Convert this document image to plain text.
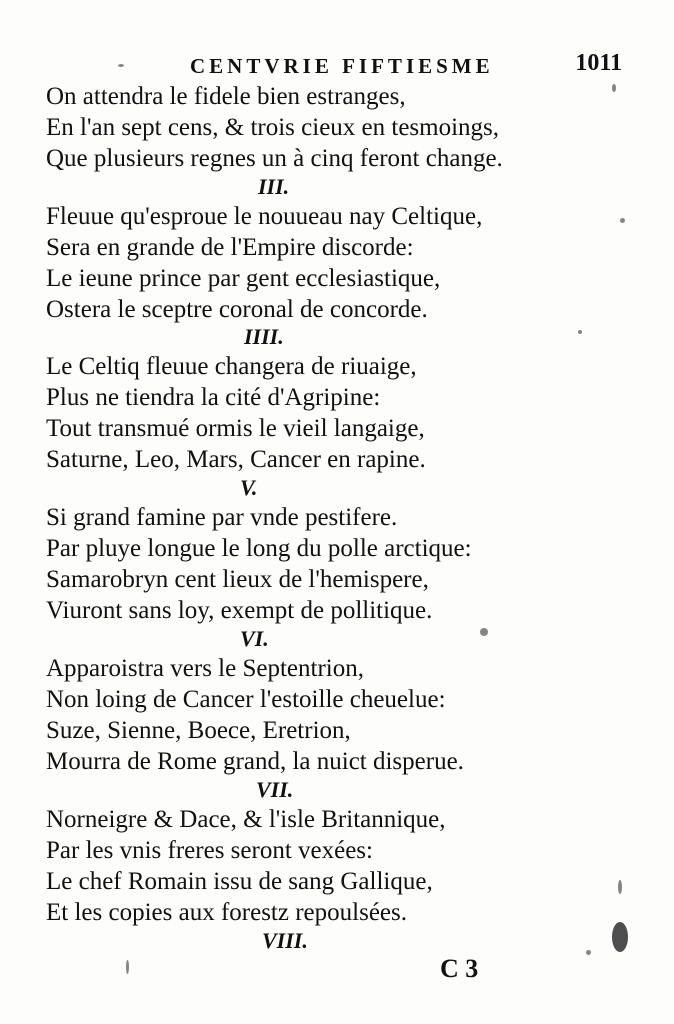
CENTVRIE FIFTIESME	1011
On attendra le fidele bien estranges,
En l'an sept cens, & trois cieux en tesmoings,
Que plusieurs regnes un à cinq feront change.
III.
Fleuue qu'esproue le nouueau nay Celtique,
Sera en grande de l'Empire discorde:
Le ieune prince par gent ecclesiastique,
Ostera le sceptre coronal de concorde.
IIII.
Le Celtiq fleuue changera de riuaige,
Plus ne tiendra la cité d'Agripine:
Tout transmué ormis le vieil langaige,
Saturne, Leo, Mars, Cancer en rapine.
V.
Si grand famine par vnde pestifere.
Par pluye longue le long du polle arctique:
Samarobryn cent lieux de l'hemispere,
Viuront sans loy, exempt de pollitique.
VI.
Apparoistra vers le Septentrion,
Non loing de Cancer l'estoille cheuelue:
Suze, Sienne, Boece, Eretrion,
Mourra de Rome grand, la nuict disperue.
VII.
Norneigre & Dace, & l'isle Britannique,
Par les vnis freres seront vexées:
Le chef Romain issu de sang Gallique,
Et les copies aux forestz repoulsées.
VIII.
C 3
